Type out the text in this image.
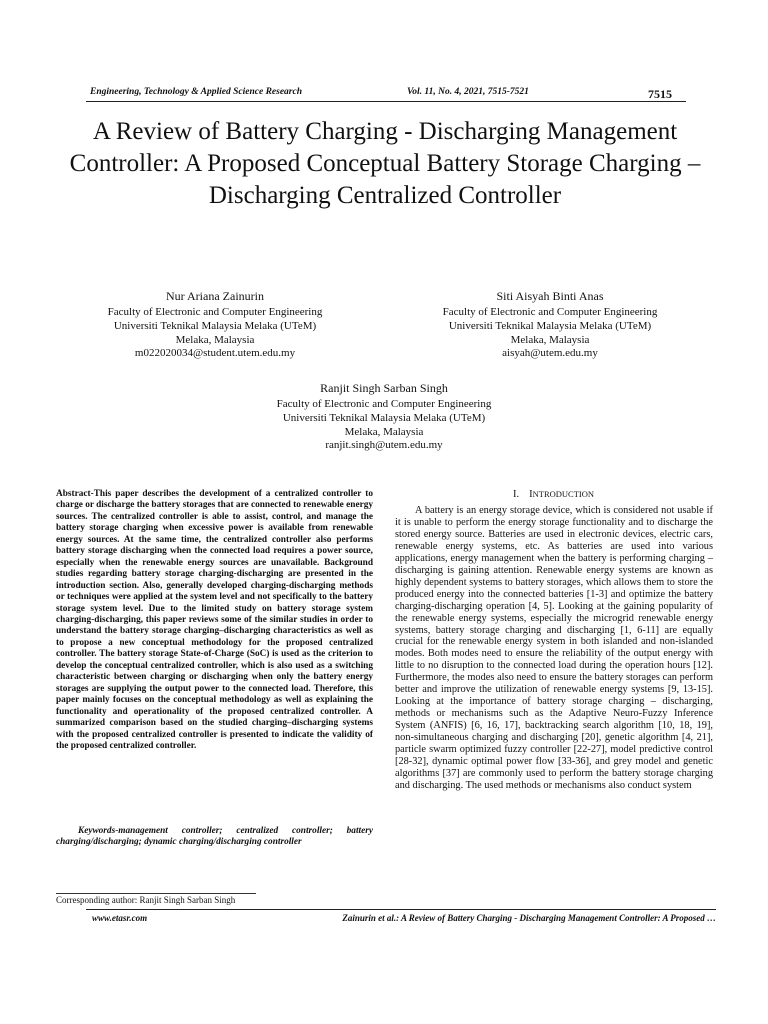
Engineering, Technology & Applied Science Research	Vol. 11, No. 4, 2021, 7515-7521	7515
A Review of Battery Charging - Discharging Management Controller: A Proposed Conceptual Battery Storage Charging – Discharging Centralized Controller
Nur Ariana Zainurin
Faculty of Electronic and Computer Engineering
Universiti Teknikal Malaysia Melaka (UTeM)
Melaka, Malaysia
m022020034@student.utem.edu.my
Siti Aisyah Binti Anas
Faculty of Electronic and Computer Engineering
Universiti Teknikal Malaysia Melaka (UTeM)
Melaka, Malaysia
aisyah@utem.edu.my
Ranjit Singh Sarban Singh
Faculty of Electronic and Computer Engineering
Universiti Teknikal Malaysia Melaka (UTeM)
Melaka, Malaysia
ranjit.singh@utem.edu.my

Abstract-This paper describes the development of a centralized controller to charge or discharge the battery storages that are connected to renewable energy sources. The centralized controller is able to assist, control, and manage the battery storage charging when excessive power is available from renewable energy sources. At the same time, the centralized controller also performs battery storage discharging when the connected load requires a power source, especially when the renewable energy sources are unavailable. Background studies regarding battery storage charging-discharging are presented in the introduction section. Also, generally developed charging-discharging methods or techniques were applied at the system level and not specifically to the battery storage system level. Due to the limited study on battery storage system charging-discharging, this paper reviews some of the similar studies in order to understand the battery storage charging–discharging characteristics as well as to propose a new conceptual methodology for the proposed centralized controller. The battery storage State-of-Charge (SoC) is used as the criterion to develop the conceptual centralized controller, which is also used as a switching characteristic between charging or discharging when only the battery energy storages are supplying the output power to the connected load. Therefore, this paper mainly focuses on the conceptual methodology as well as explaining the functionality and operationality of the proposed centralized controller. A summarized comparison based on the studied charging–discharging systems with the proposed centralized controller is presented to indicate the validity of the proposed centralized controller.

Keywords-management controller; centralized controller; battery charging/discharging; dynamic charging/discharging controller

Corresponding author: Ranjit Singh Sarban Singh
I. INTRODUCTION

A battery is an energy storage device, which is considered not usable if it is unable to perform the energy storage functionality and to discharge the stored energy source. Batteries are used in electronic devices, electric cars, renewable energy systems, etc. As batteries are used into various applications, energy management when the battery is performing charging – discharging is gaining attention. Renewable energy systems are known as highly dependent systems to battery storages, which allows them to store the produced energy into the connected batteries [1-3] and optimize the battery charging-discharging operation [4, 5]. Looking at the gaining popularity of the renewable energy systems, especially the microgrid renewable energy systems, battery storage charging and discharging [1, 6-11] are equally crucial for the renewable energy system in both islanded and non-islanded modes. Both modes need to ensure the reliability of the output energy with little to no disruption to the connected load during the operation hours [12]. Furthermore, the modes also need to ensure the battery storages can perform better and improve the utilization of renewable energy systems [9, 13-15]. Looking at the importance of battery storage charging – discharging, methods or mechanisms such as the Adaptive Neuro-Fuzzy Inference System (ANFIS) [6, 16, 17], backtracking search algorithm [10, 18, 19], non-simultaneous charging and discharging [20], genetic algorithm [4, 21], particle swarm optimized fuzzy controller [22-27], model predictive control [28-32], dynamic optimal power flow [33-36], and grey model and genetic algorithms [37] are commonly used to perform the battery storage charging and discharging. The used methods or mechanisms also conduct system

www.etasr.com	Zainurin et al.: A Review of Battery Charging - Discharging Management Controller: A Proposed …
